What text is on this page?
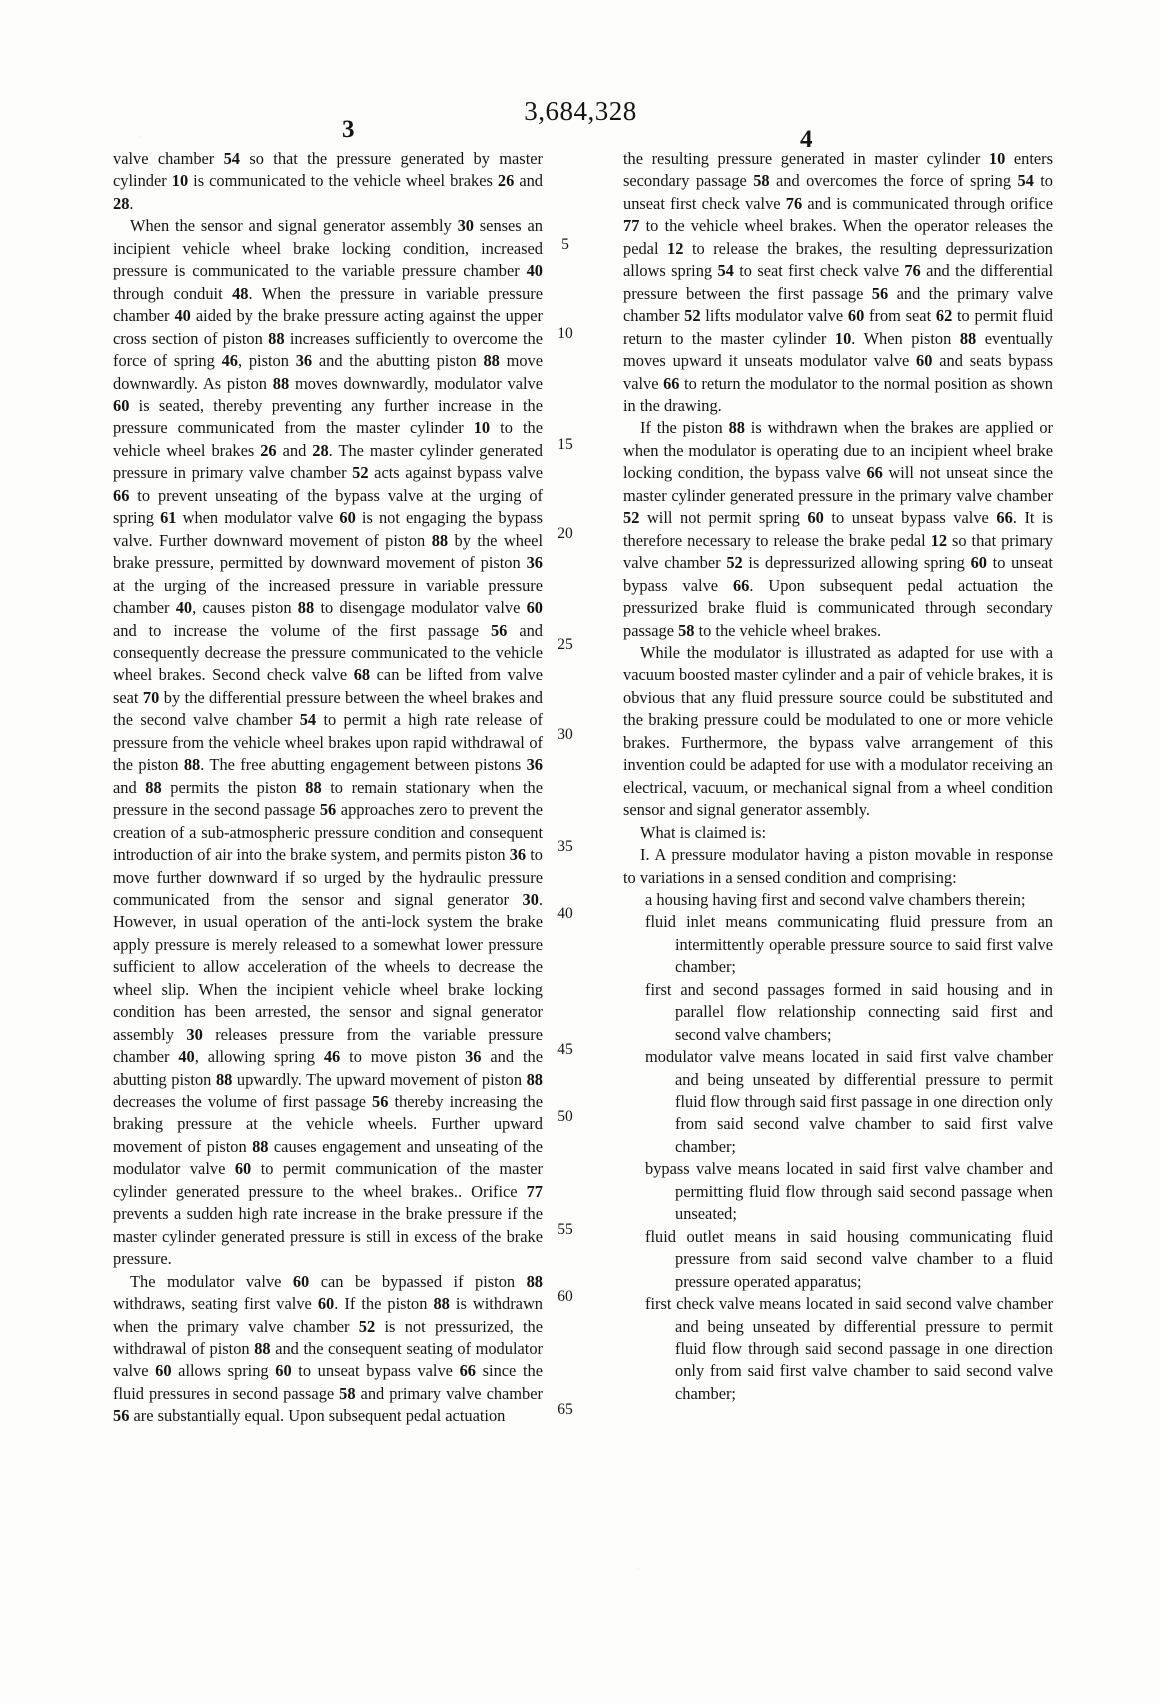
3,684,328
3	4

valve chamber 54 so that the pressure generated by master cylinder 10 is communicated to the vehicle wheel brakes 26 and 28.

When the sensor and signal generator assembly 30 senses an incipient vehicle wheel brake locking condition, increased pressure is communicated to the variable pressure chamber 40 through conduit 48. When the pressure in variable pressure chamber 40 aided by the brake pressure acting against the upper cross section of piston 88 increases sufficiently to overcome the force of spring 46, piston 36 and the abutting piston 88 move downwardly. As piston 88 moves downwardly, modulator valve 60 is seated, thereby preventing any further increase in the pressure communicated from the master cylinder 10 to the vehicle wheel brakes 26 and 28. The master cylinder generated pressure in primary valve chamber 52 acts against bypass valve 66 to prevent unseating of the bypass valve at the urging of spring 61 when modulator valve 60 is not engaging the bypass valve. Further downward movement of piston 88 by the wheel brake pressure, permitted by downward movement of piston 36 at the urging of the increased pressure in variable pressure chamber 40, causes piston 88 to disengage modulator valve 60 and to increase the volume of the first passage 56 and consequently decrease the pressure communicated to the vehicle wheel brakes. Second check valve 68 can be lifted from valve seat 70 by the differential pressure between the wheel brakes and the second valve chamber 54 to permit a high rate release of pressure from the vehicle wheel brakes upon rapid withdrawal of the piston 88. The free abutting engagement between pistons 36 and 88 permits the piston 88 to remain stationary when the pressure in the second passage 56 approaches zero to prevent the creation of a sub-atmospheric pressure condition and consequent introduction of air into the brake system, and permits piston 36 to move further downward if so urged by the hydraulic pressure communicated from the sensor and signal generator 30. However, in usual operation of the anti-lock system the brake apply pressure is merely released to a somewhat lower pressure sufficient to allow acceleration of the wheels to decrease the wheel slip. When the incipient vehicle wheel brake locking condition has been arrested, the sensor and signal generator assembly 30 releases pressure from the variable pressure chamber 40, allowing spring 46 to move piston 36 and the abutting piston 88 upwardly. The upward movement of piston 88 decreases the volume of first passage 56 thereby increasing the braking pressure at the vehicle wheels. Further upward movement of piston 88 causes engagement and unseating of the modulator valve 60 to permit communication of the master cylinder generated pressure to the wheel brakes.. Orifice 77 prevents a sudden high rate increase in the brake pressure if the master cylinder generated pressure is still in excess of the brake pressure.

The modulator valve 60 can be bypassed if piston 88 withdraws, seating first valve 60. If the piston 88 is withdrawn when the primary valve chamber 52 is not pressurized, the withdrawal of piston 88 and the consequent seating of modulator valve 60 allows spring 60 to unseat bypass valve 66 since the fluid pressures in second passage 58 and primary valve chamber 56 are substantially equal. Upon subsequent pedal actuation

the resulting pressure generated in master cylinder 10 enters secondary passage 58 and overcomes the force of spring 54 to unseat first check valve 76 and is communicated through orifice 77 to the vehicle wheel brakes. When the operator releases the pedal 12 to release the brakes, the resulting depressurization allows spring 54 to seat first check valve 76 and the differential pressure between the first passage 56 and the primary valve chamber 52 lifts modulator valve 60 from seat 62 to permit fluid return to the master cylinder 10. When piston 88 eventually moves upward it unseats modulator valve 60 and seats bypass valve 66 to return the modulator to the normal position as shown in the drawing.

If the piston 88 is withdrawn when the brakes are applied or when the modulator is operating due to an incipient wheel brake locking condition, the bypass valve 66 will not unseat since the master cylinder generated pressure in the primary valve chamber 52 will not permit spring 60 to unseat bypass valve 66. It is therefore necessary to release the brake pedal 12 so that primary valve chamber 52 is depressurized allowing spring 60 to unseat bypass valve 66. Upon subsequent pedal actuation the pressurized brake fluid is communicated through secondary passage 58 to the vehicle wheel brakes.

While the modulator is illustrated as adapted for use with a vacuum boosted master cylinder and a pair of vehicle brakes, it is obvious that any fluid pressure source could be substituted and the braking pressure could be modulated to one or more vehicle brakes. Furthermore, the bypass valve arrangement of this invention could be adapted for use with a modulator receiving an electrical, vacuum, or mechanical signal from a wheel condition sensor and signal generator assembly.

What is claimed is:

I. A pressure modulator having a piston movable in response to variations in a sensed condition and comprising:

a housing having first and second valve chambers therein;

fluid inlet means communicating fluid pressure from an intermittently operable pressure source to said first valve chamber;

first and second passages formed in said housing and in parallel flow relationship connecting said first and second valve chambers;

modulator valve means located in said first valve chamber and being unseated by differential pressure to permit fluid flow through said first passage in one direction only from said second valve chamber to said first valve chamber;

bypass valve means located in said first valve chamber and permitting fluid flow through said second passage when unseated;

fluid outlet means in said housing communicating fluid pressure from said second valve chamber to a fluid pressure operated apparatus;

first check valve means located in said second valve chamber and being unseated by differential pressure to permit fluid flow through said second passage in one direction only from said first valve chamber to said second valve chamber;

5
10
15
20
25
30
35
40
45
50
55
60
65
